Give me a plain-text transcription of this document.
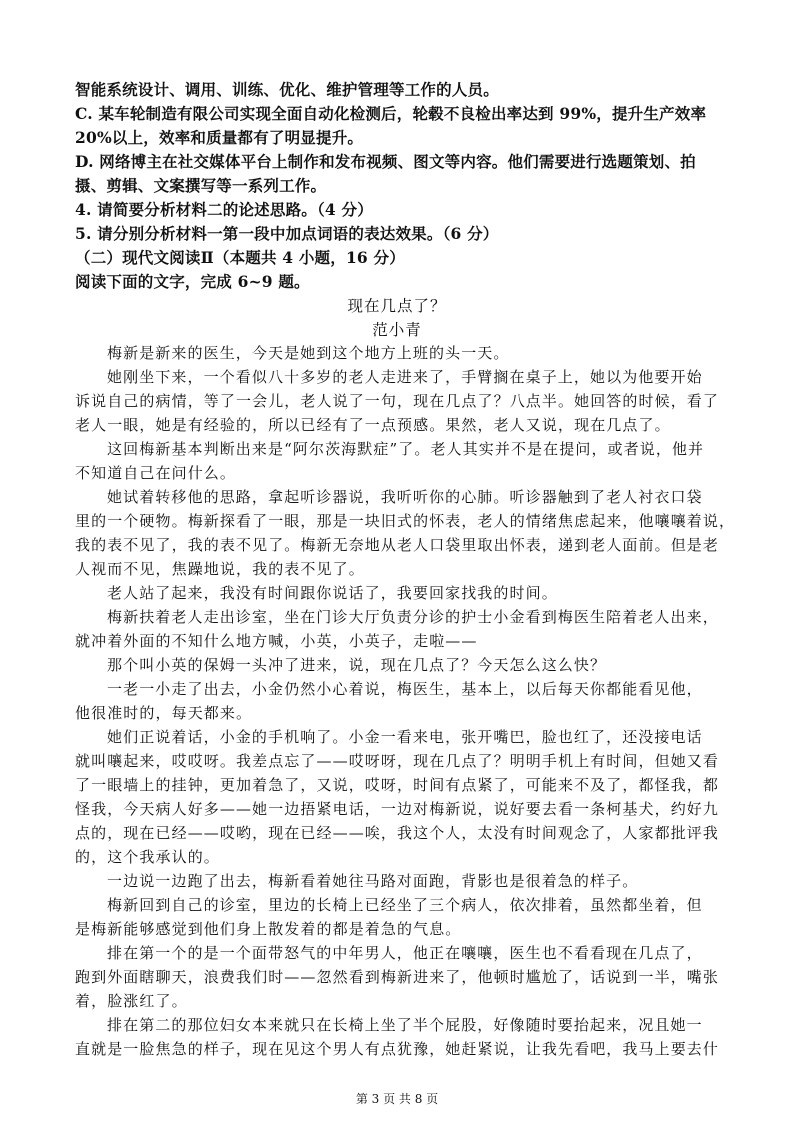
智能系统设计、调用、训练、优化、维护管理等工作的人员。
C. 某车轮制造有限公司实现全面自动化检测后，轮毂不良检出率达到 99%，提升生产效率
20%以上，效率和质量都有了明显提升。
D. 网络博主在社交媒体平台上制作和发布视频、图文等内容。他们需要进行选题策划、拍
摄、剪辑、文案撰写等一系列工作。
4. 请简要分析材料二的论述思路。（4 分）
5. 请分别分析材料一第一段中加点词语的表达效果。（6 分）
（二）现代文阅读Ⅱ（本题共 4 小题，16 分）
阅读下面的文字，完成 6~9 题。
现在几点了？
范小青
梅新是新来的医生，今天是她到这个地方上班的头一天。
她刚坐下来，一个看似八十多岁的老人走进来了，手臂搁在桌子上，她以为他要开始
诉说自己的病情，等了一会儿，老人说了一句，现在几点了？八点半。她回答的时候，看了
老人一眼，她是有经验的，所以已经有了一点预感。果然，老人又说，现在几点了。
这回梅新基本判断出来是“阿尔茨海默症”了。老人其实并不是在提问，或者说，他并
不知道自己在问什么。
她试着转移他的思路，拿起听诊器说，我听听你的心肺。听诊器触到了老人衬衣口袋
里的一个硬物。梅新探看了一眼，那是一块旧式的怀表，老人的情绪焦虑起来，他嚷嚷着说，
我的表不见了，我的表不见了。梅新无奈地从老人口袋里取出怀表，递到老人面前。但是老
人视而不见，焦躁地说，我的表不见了。
老人站了起来，我没有时间跟你说话了，我要回家找我的时间。
梅新扶着老人走出诊室，坐在门诊大厅负责分诊的护士小金看到梅医生陪着老人出来，
就冲着外面的不知什么地方喊，小英，小英子，走啦——
那个叫小英的保姆一头冲了进来，说，现在几点了？今天怎么这么快？
一老一小走了出去，小金仍然小心着说，梅医生，基本上，以后每天你都能看见他，
他很准时的，每天都来。
她们正说着话，小金的手机响了。小金一看来电，张开嘴巴，脸也红了，还没接电话
就叫嚷起来，哎哎呀。我差点忘了——哎呀呀，现在几点了？明明手机上有时间，但她又看
了一眼墙上的挂钟，更加着急了，又说，哎呀，时间有点紧了，可能来不及了，都怪我，都
怪我，今天病人好多——她一边捂紧电话，一边对梅新说，说好要去看一条柯基犬，约好九
点的，现在已经——哎哟，现在已经——唉，我这个人，太没有时间观念了，人家都批评我
的，这个我承认的。
一边说一边跑了出去，梅新看着她往马路对面跑，背影也是很着急的样子。
梅新回到自己的诊室，里边的长椅上已经坐了三个病人，依次排着，虽然都坐着，但
是梅新能够感觉到他们身上散发着的都是着急的气息。
排在第一个的是一个面带怒气的中年男人，他正在嚷嚷，医生也不看看现在几点了，
跑到外面瞎聊天，浪费我们时——忽然看到梅新进来了，他顿时尴尬了，话说到一半，嘴张
着，脸涨红了。
排在第二的那位妇女本来就只在长椅上坐了半个屁股，好像随时要抬起来，况且她一
直就是一脸焦急的样子，现在见这个男人有点犹豫，她赶紧说，让我先看吧，我马上要去什
第 3 页 共 8 页
